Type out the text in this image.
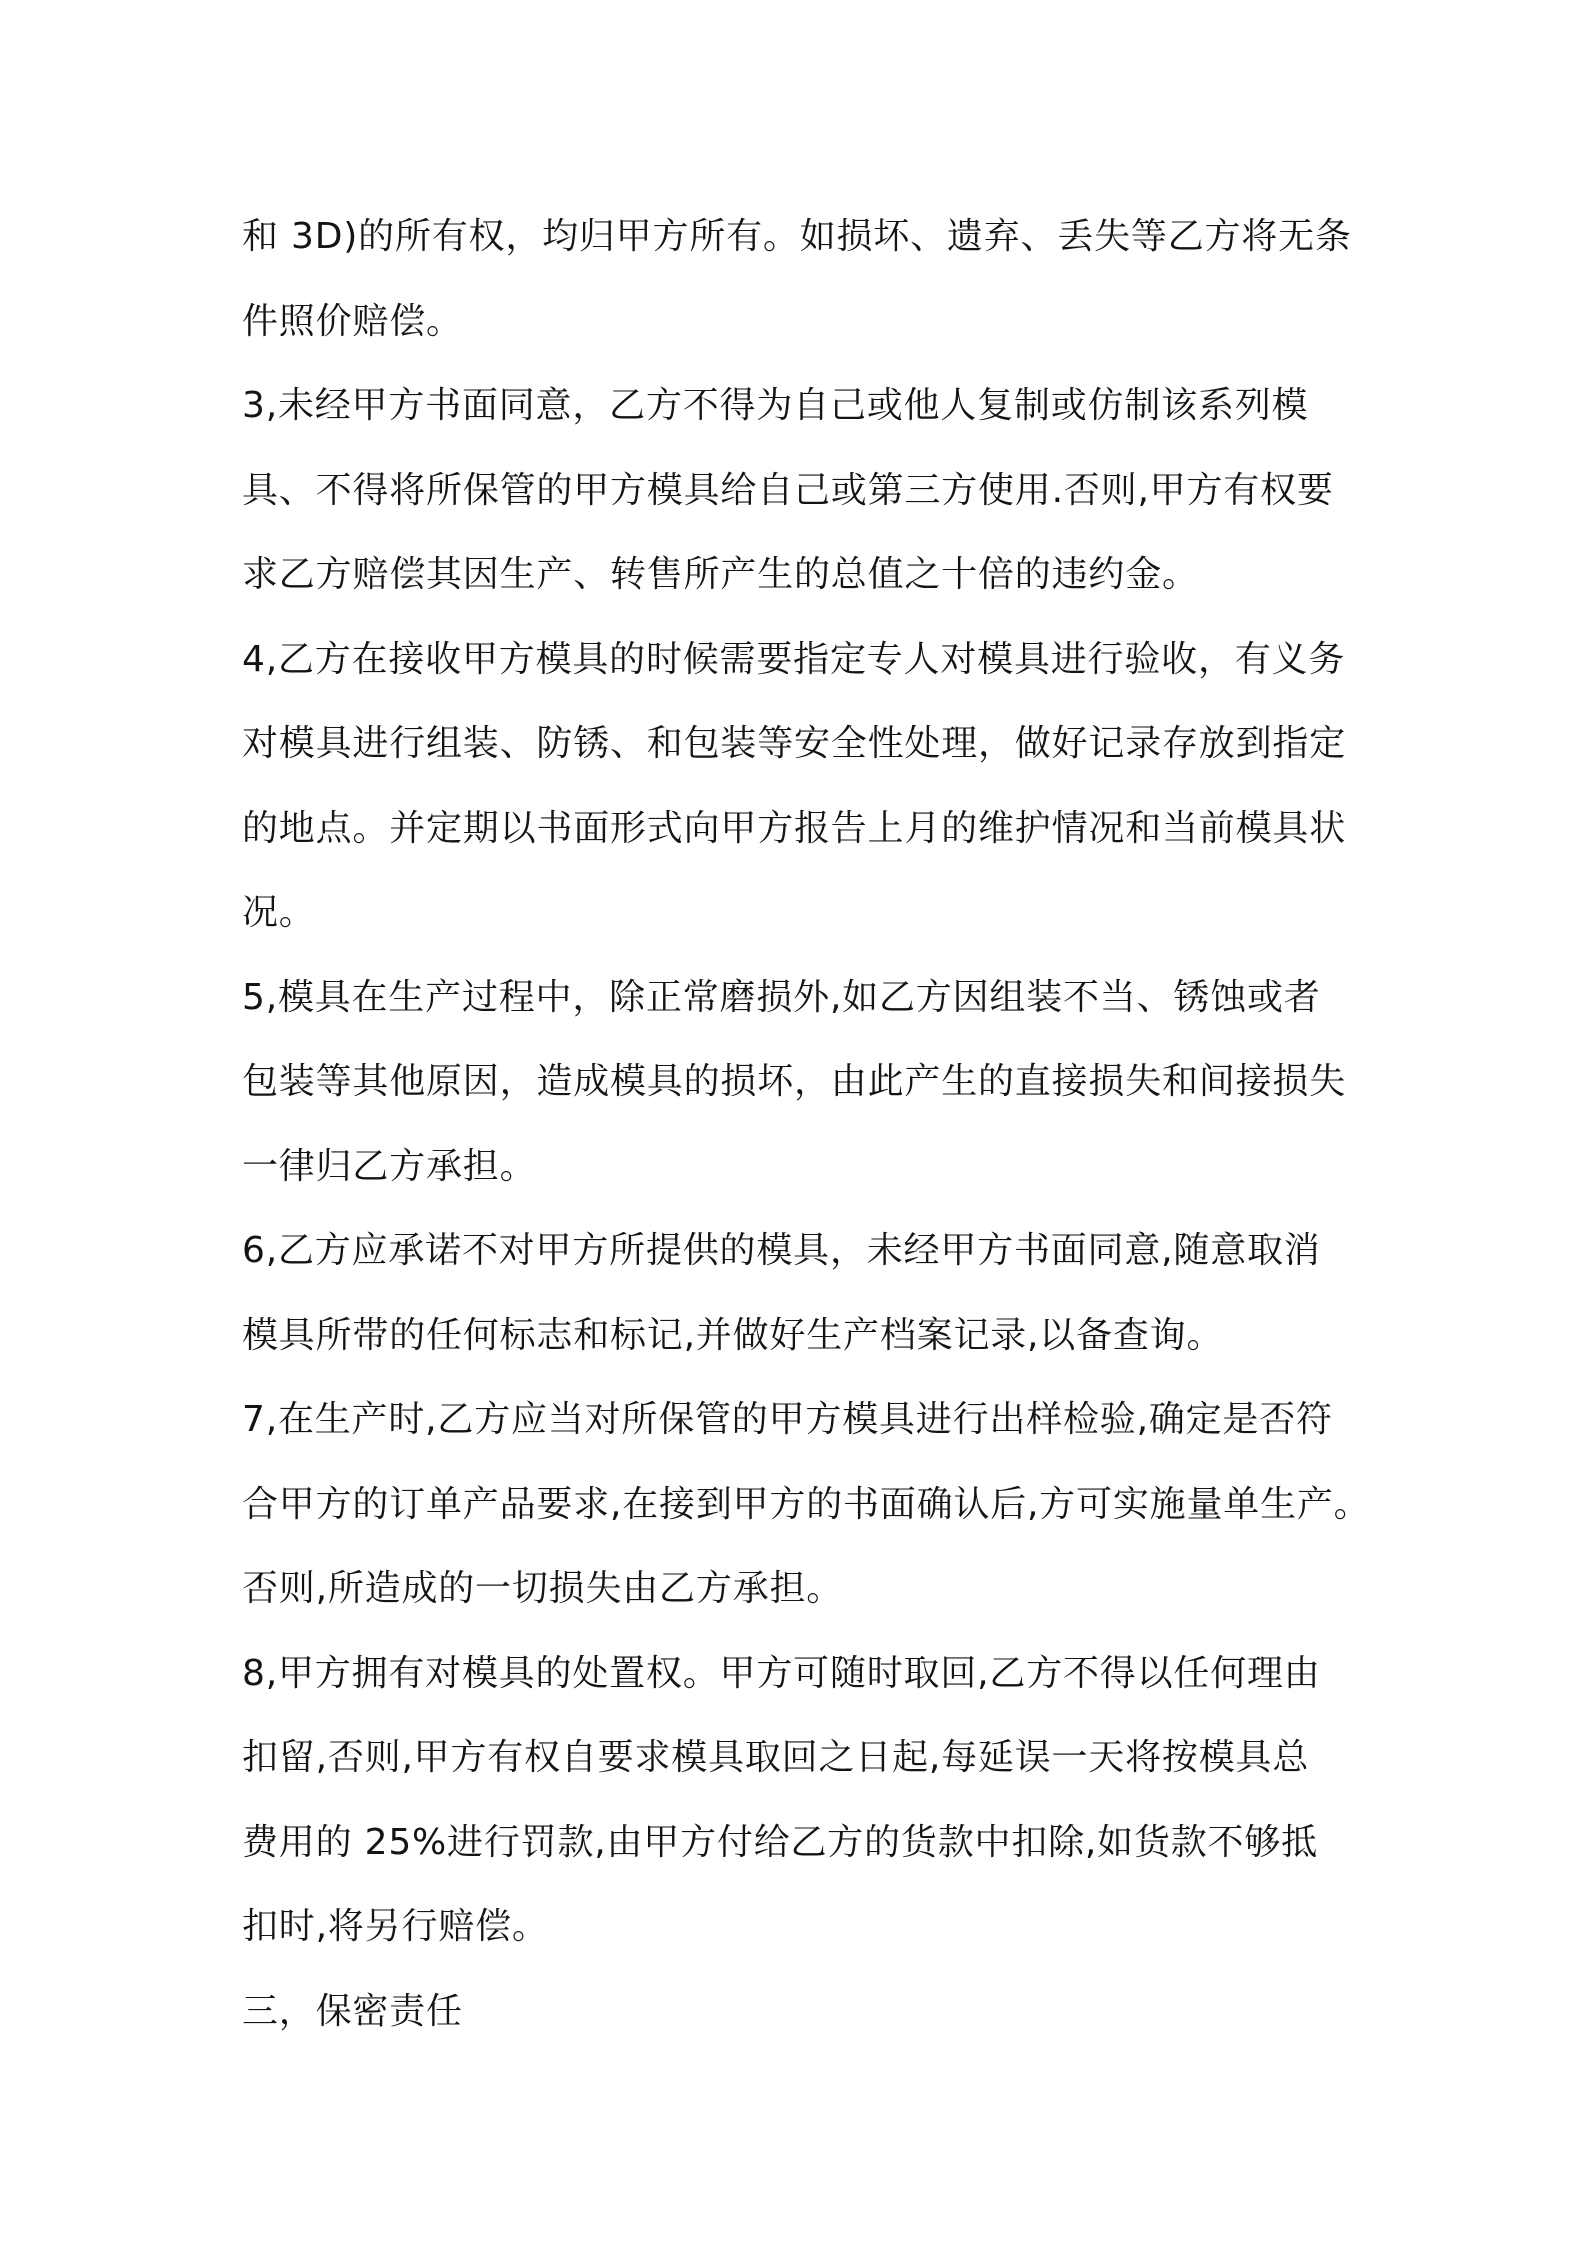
和 3D)的所有权，均归甲方所有。如损坏、遗弃、丢失等乙方将无条
件照价赔偿。
3,未经甲方书面同意，乙方不得为自己或他人复制或仿制该系列模
具、不得将所保管的甲方模具给自己或第三方使用.否则,甲方有权要
求乙方赔偿其因生产、转售所产生的总值之十倍的违约金。
4,乙方在接收甲方模具的时候需要指定专人对模具进行验收，有义务
对模具进行组装、防锈、和包装等安全性处理，做好记录存放到指定
的地点。并定期以书面形式向甲方报告上月的维护情况和当前模具状
况。
5,模具在生产过程中，除正常磨损外,如乙方因组装不当、锈蚀或者
包装等其他原因，造成模具的损坏，由此产生的直接损失和间接损失
一律归乙方承担。
6,乙方应承诺不对甲方所提供的模具，未经甲方书面同意,随意取消
模具所带的任何标志和标记,并做好生产档案记录,以备查询。
7,在生产时,乙方应当对所保管的甲方模具进行出样检验,确定是否符
合甲方的订单产品要求,在接到甲方的书面确认后,方可实施量单生产。
否则,所造成的一切损失由乙方承担。
8,甲方拥有对模具的处置权。甲方可随时取回,乙方不得以任何理由
扣留,否则,甲方有权自要求模具取回之日起,每延误一天将按模具总
费用的 25%进行罚款,由甲方付给乙方的货款中扣除,如货款不够抵
扣时,将另行赔偿。
三，保密责任
